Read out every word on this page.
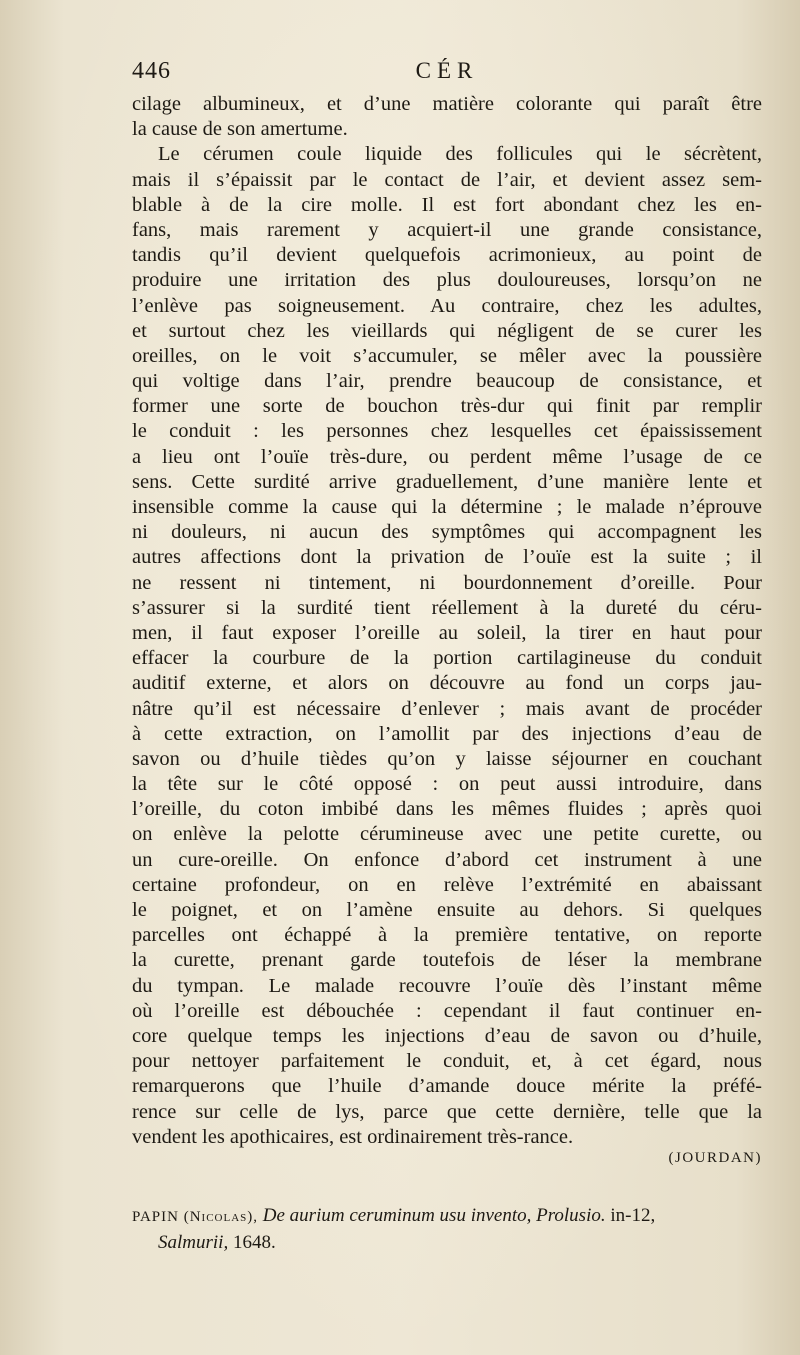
446	CÉR
cilage albumineux, et d’une matière colorante qui paraît être
la cause de son amertume.
Le cérumen coule liquide des follicules qui le sécrètent,
mais il s’épaissit par le contact de l’air, et devient assez sem-
blable à de la cire molle. Il est fort abondant chez les en-
fans, mais rarement y acquiert-il une grande consistance,
tandis qu’il devient quelquefois acrimonieux, au point de
produire une irritation des plus douloureuses, lorsqu’on ne
l’enlève pas soigneusement. Au contraire, chez les adultes,
et surtout chez les vieillards qui négligent de se curer les
oreilles, on le voit s’accumuler, se mêler avec la poussière
qui voltige dans l’air, prendre beaucoup de consistance, et
former une sorte de bouchon très-dur qui finit par remplir
le conduit : les personnes chez lesquelles cet épaississement
a lieu ont l’ouïe très-dure, ou perdent même l’usage de ce
sens. Cette surdité arrive graduellement, d’une manière lente et
insensible comme la cause qui la détermine ; le malade n’éprouve
ni douleurs, ni aucun des symptômes qui accompagnent les
autres affections dont la privation de l’ouïe est la suite ; il
ne ressent ni tintement, ni bourdonnement d’oreille. Pour
s’assurer si la surdité tient réellement à la dureté du céru-
men, il faut exposer l’oreille au soleil, la tirer en haut pour
effacer la courbure de la portion cartilagineuse du conduit
auditif externe, et alors on découvre au fond un corps jau-
nâtre qu’il est nécessaire d’enlever ; mais avant de procéder
à cette extraction, on l’amollit par des injections d’eau de
savon ou d’huile tièdes qu’on y laisse séjourner en couchant
la tête sur le côté opposé : on peut aussi introduire, dans
l’oreille, du coton imbibé dans les mêmes fluides ; après quoi
on enlève la pelotte cérumineuse avec une petite curette, ou
un cure-oreille. On enfonce d’abord cet instrument à une
certaine profondeur, on en relève l’extrémité en abaissant
le poignet, et on l’amène ensuite au dehors. Si quelques
parcelles ont échappé à la première tentative, on reporte
la curette, prenant garde toutefois de léser la membrane
du tympan. Le malade recouvre l’ouïe dès l’instant même
où l’oreille est débouchée : cependant il faut continuer en-
core quelque temps les injections d’eau de savon ou d’huile,
pour nettoyer parfaitement le conduit, et, à cet égard, nous
remarquerons que l’huile d’amande douce mérite la préfé-
rence sur celle de lys, parce que cette dernière, telle que la
vendent les apothicaires, est ordinairement très-rance.
(JOURDAN)
PAPIN (Nicolas), De aurium ceruminum usu invento, Prolusio. in-12,
Salmurii, 1648.
